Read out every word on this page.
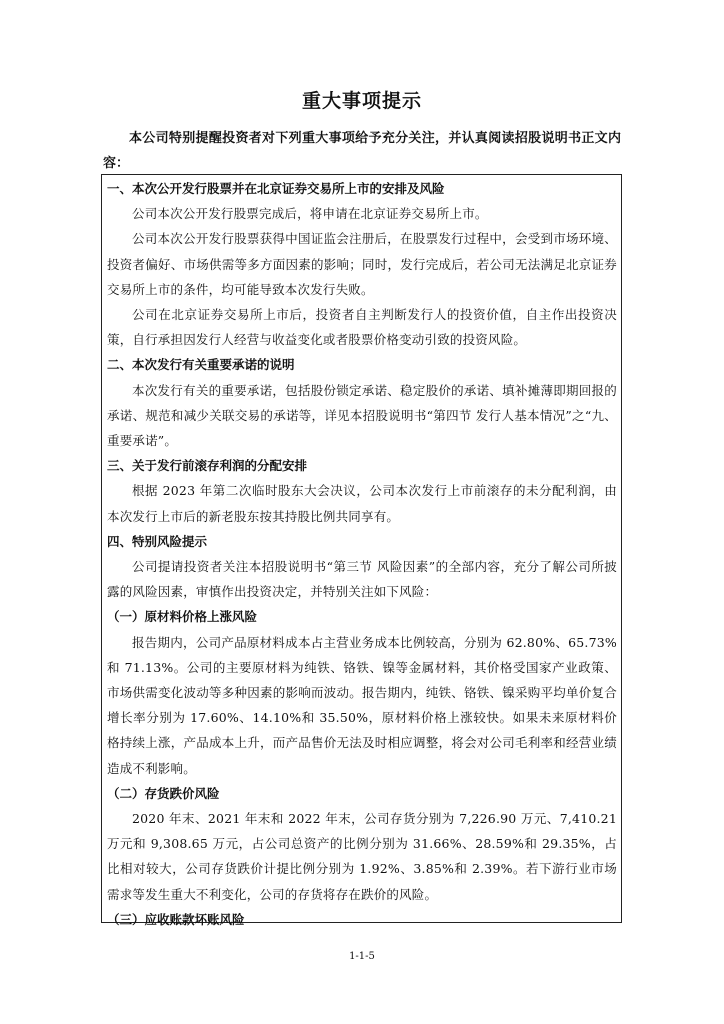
重大事项提示
本公司特别提醒投资者对下列重大事项给予充分关注，并认真阅读招股说明书正文内容：
一、本次公开发行股票并在北京证券交易所上市的安排及风险
公司本次公开发行股票完成后，将申请在北京证券交易所上市。
公司本次公开发行股票获得中国证监会注册后，在股票发行过程中，会受到市场环境、投资者偏好、市场供需等多方面因素的影响；同时，发行完成后，若公司无法满足北京证券交易所上市的条件，均可能导致本次发行失败。
公司在北京证券交易所上市后，投资者自主判断发行人的投资价值，自主作出投资决策，自行承担因发行人经营与收益变化或者股票价格变动引致的投资风险。
二、本次发行有关重要承诺的说明
本次发行有关的重要承诺，包括股份锁定承诺、稳定股价的承诺、填补摊薄即期回报的承诺、规范和减少关联交易的承诺等，详见本招股说明书“第四节 发行人基本情况”之“九、重要承诺”。
三、关于发行前滚存利润的分配安排
根据 2023 年第二次临时股东大会决议，公司本次发行上市前滚存的未分配利润，由本次发行上市后的新老股东按其持股比例共同享有。
四、特别风险提示
公司提请投资者关注本招股说明书“第三节 风险因素”的全部内容，充分了解公司所披露的风险因素，审慎作出投资决定，并特别关注如下风险：
（一）原材料价格上涨风险
报告期内，公司产品原材料成本占主营业务成本比例较高，分别为 62.80%、65.73%和 71.13%。公司的主要原材料为纯铁、铬铁、镍等金属材料，其价格受国家产业政策、市场供需变化波动等多种因素的影响而波动。报告期内，纯铁、铬铁、镍采购平均单价复合增长率分别为 17.60%、14.10%和 35.50%，原材料价格上涨较快。如果未来原材料价格持续上涨，产品成本上升，而产品售价无法及时相应调整，将会对公司毛利率和经营业绩造成不利影响。
（二）存货跌价风险
2020 年末、2021 年末和 2022 年末，公司存货分别为 7,226.90 万元、7,410.21 万元和 9,308.65 万元，占公司总资产的比例分别为 31.66%、28.59%和 29.35%，占比相对较大，公司存货跌价计提比例分别为 1.92%、3.85%和 2.39%。若下游行业市场需求等发生重大不利变化，公司的存货将存在跌价的风险。
（三）应收账款坏账风险
1-1-5
